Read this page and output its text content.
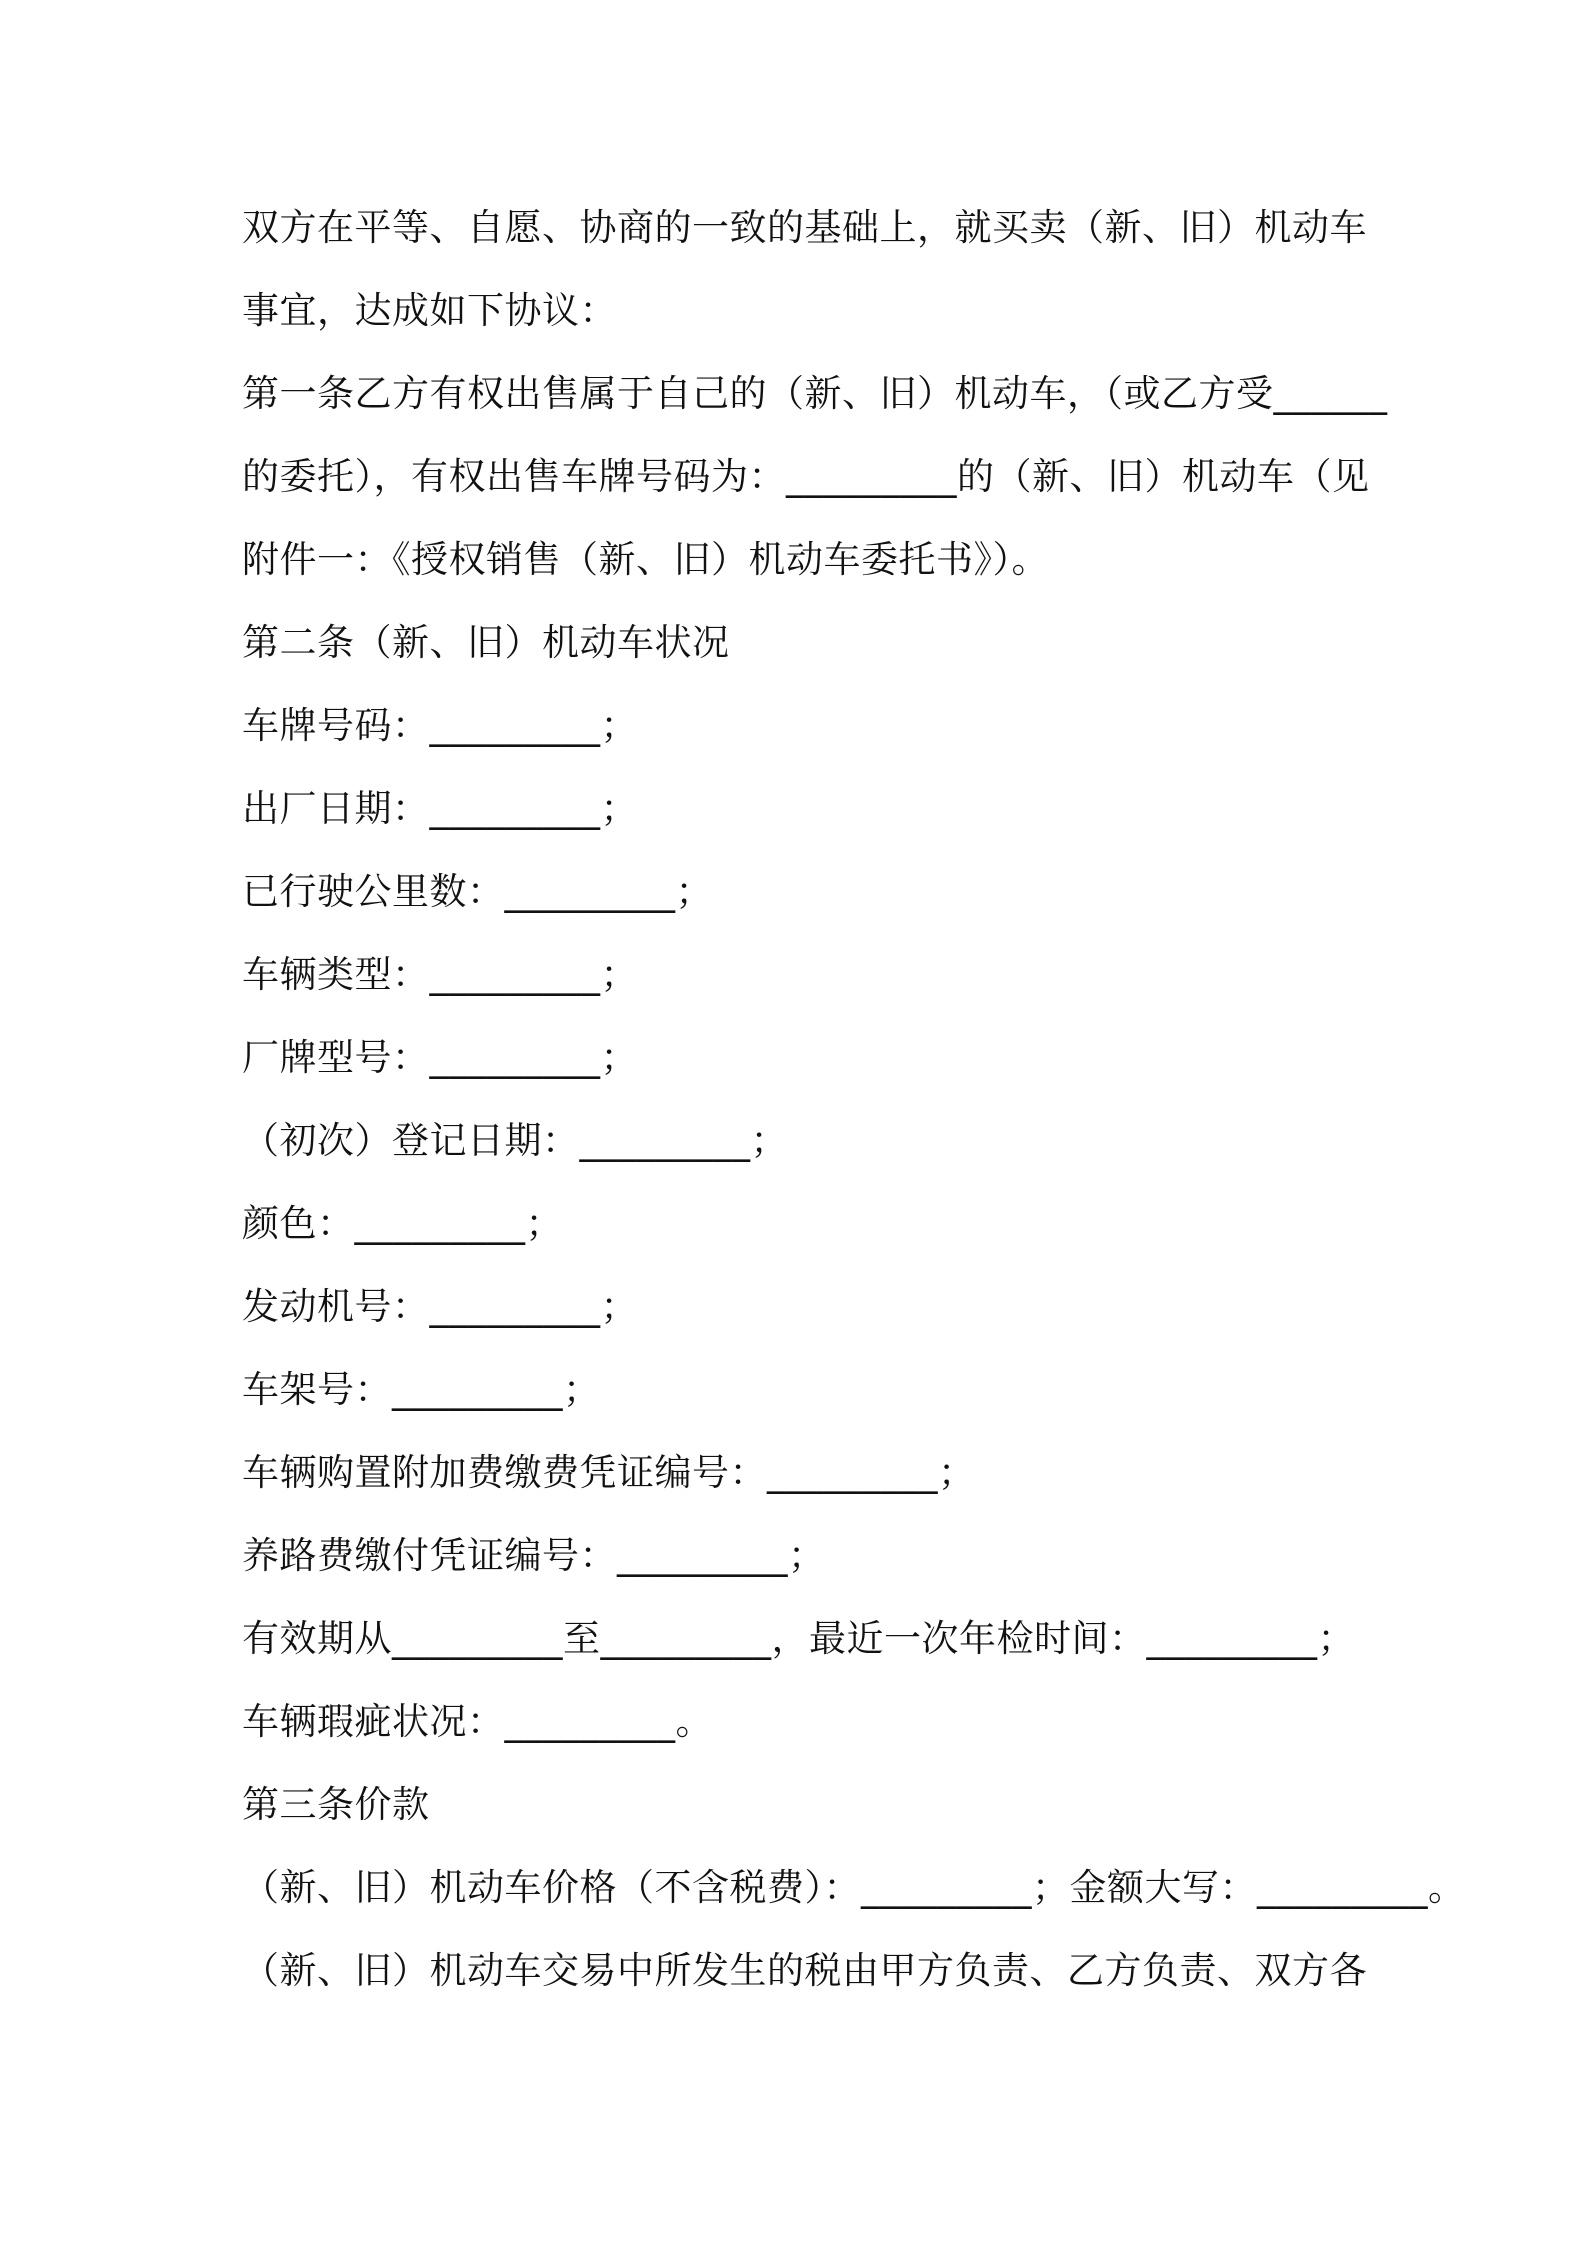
双方在平等、自愿、协商的一致的基础上，就买卖（新、旧）机动车
事宜，达成如下协议：
第一条乙方有权出售属于自己的（新、旧）机动车，（或乙方受______
的委托），有权出售车牌号码为：_________的（新、旧）机动车（见
附件一：《授权销售（新、旧）机动车委托书》）。
第二条（新、旧）机动车状况
车牌号码：_________；
出厂日期：_________；
已行驶公里数：_________；
车辆类型：_________；
厂牌型号：_________；
（初次）登记日期：_________；
颜色：_________；
发动机号：_________；
车架号：_________；
车辆购置附加费缴费凭证编号：_________；
养路费缴付凭证编号：_________；
有效期从_________至_________，最近一次年检时间：_________；
车辆瑕疵状况：_________。
第三条价款
（新、旧）机动车价格（不含税费）：_________；金额大写：_________。
（新、旧）机动车交易中所发生的税由甲方负责、乙方负责、双方各
